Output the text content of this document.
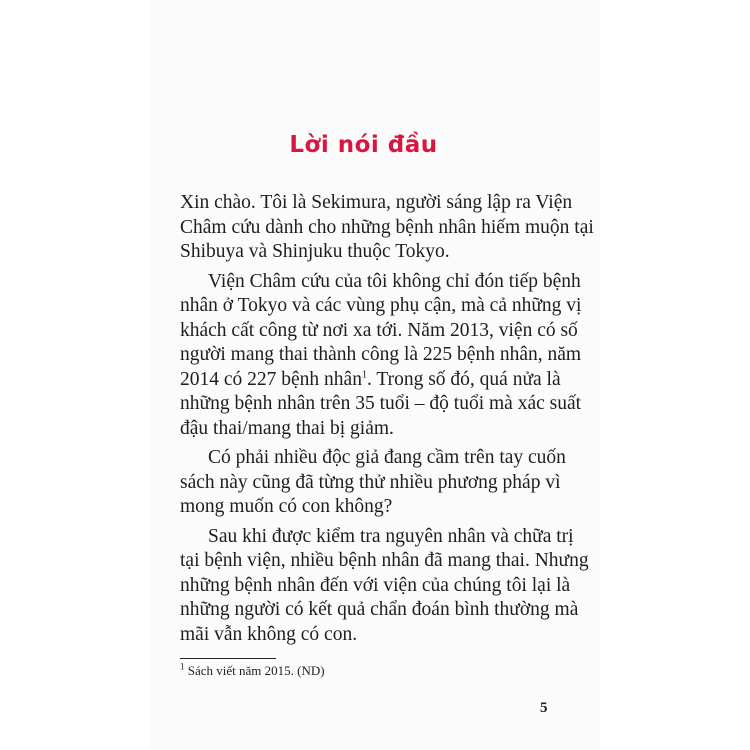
Lời nói đầu
Xin chào. Tôi là Sekimura, người sáng lập ra Viện
Châm cứu dành cho những bệnh nhân hiếm muộn tại
Shibuya và Shinjuku thuộc Tokyo.
Viện Châm cứu của tôi không chỉ đón tiếp bệnh
nhân ở Tokyo và các vùng phụ cận, mà cả những vị
khách cất công từ nơi xa tới. Năm 2013, viện có số
người mang thai thành công là 225 bệnh nhân, năm
2014 có 227 bệnh nhân$^1$. Trong số đó, quá nửa là
những bệnh nhân trên 35 tuổi – độ tuổi mà xác suất
đậu thai/mang thai bị giảm.
Có phải nhiều độc giả đang cầm trên tay cuốn
sách này cũng đã từng thử nhiều phương pháp vì
mong muốn có con không?
Sau khi được kiểm tra nguyên nhân và chữa trị
tại bệnh viện, nhiều bệnh nhân đã mang thai. Nhưng
những bệnh nhân đến với viện của chúng tôi lại là
những người có kết quả chẩn đoán bình thường mà
mãi vẫn không có con.
$^1$ Sách viết năm 2015. (ND)
5
